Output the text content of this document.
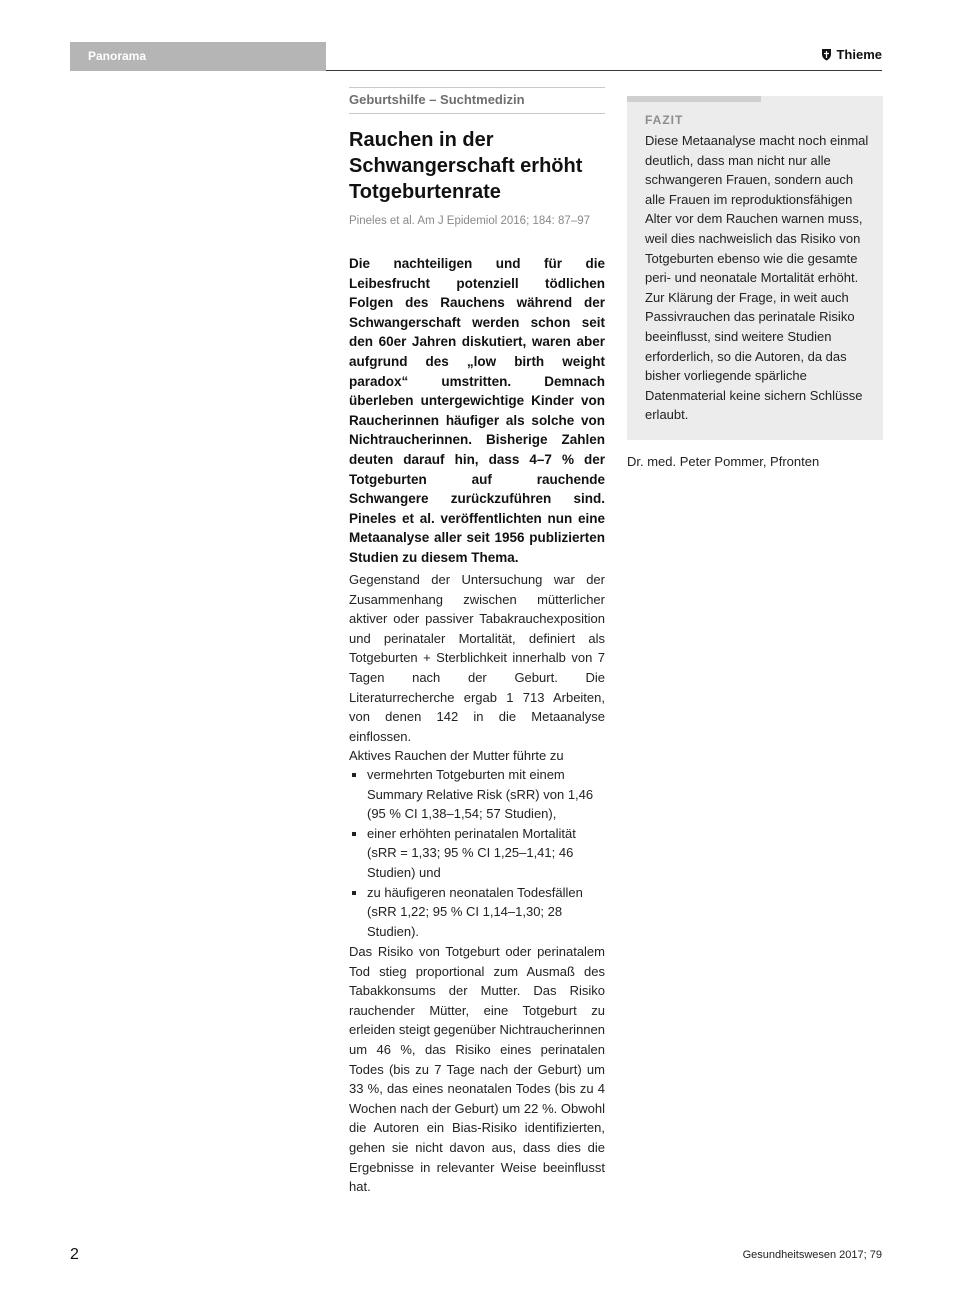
Panorama	Thieme
Geburtshilfe – Suchtmedizin
Rauchen in der Schwangerschaft erhöht Totgeburtenrate
Pineles et al. Am J Epidemiol 2016; 184: 87–97

Die nachteiligen und für die Leibesfrucht potenziell tödlichen Folgen des Rauchens während der Schwangerschaft werden schon seit den 60er Jahren diskutiert, waren aber aufgrund des „low birth weight paradox“ umstritten. Demnach überleben untergewichtige Kinder von Raucherinnen häufiger als solche von Nichtraucherinnen. Bisherige Zahlen deuten darauf hin, dass 4–7 % der Totgeburten auf rauchende Schwangere zurückzuführen sind. Pineles et al. veröffentlichten nun eine Metaanalyse aller seit 1956 publizierten Studien zu diesem Thema.

Gegenstand der Untersuchung war der Zusammenhang zwischen mütterlicher aktiver oder passiver Tabakrauchexposition und perinataler Mortalität, definiert als Totgeburten + Sterblichkeit innerhalb von 7 Tagen nach der Geburt. Die Literaturrecherche ergab 1 713 Arbeiten, von denen 142 in die Metaanalyse einflossen.

Aktives Rauchen der Mutter führte zu

vermehrten Totgeburten mit einem Summary Relative Risk (sRR) von 1,46 (95 % CI 1,38–1,54; 57 Studien),
einer erhöhten perinatalen Mortalität (sRR = 1,33; 95 % CI 1,25–1,41; 46 Studien) und
zu häufigeren neonatalen Todesfällen (sRR 1,22; 95 % CI 1,14–1,30; 28 Studien).

Das Risiko von Totgeburt oder perinatalem Tod stieg proportional zum Ausmaß des Tabakkonsums der Mutter. Das Risiko rauchender Mütter, eine Totgeburt zu erleiden steigt gegenüber Nichtraucherinnen um 46 %, das Risiko eines perinatalen Todes (bis zu 7 Tage nach der Geburt) um 33 %, das eines neonatalen Todes (bis zu 4 Wochen nach der Geburt) um 22 %. Obwohl die Autoren ein Bias-Risiko identifizierten, gehen sie nicht davon aus, dass dies die Ergebnisse in relevanter Weise beeinflusst hat.

FAZIT

Diese Metaanalyse macht noch einmal deutlich, dass man nicht nur alle schwangeren Frauen, sondern auch alle Frauen im reproduktionsfähigen Alter vor dem Rauchen warnen muss, weil dies nachweislich das Risiko von Totgeburten ebenso wie die gesamte peri- und neonatale Mortalität erhöht. Zur Klärung der Frage, in weit auch Passivrauchen das perinatale Risiko beeinflusst, sind weitere Studien erforderlich, so die Autoren, da das bisher vorliegende spärliche Datenmaterial keine sichern Schlüsse erlaubt.

Dr. med. Peter Pommer, Pfronten
2	Gesundheitswesen 2017; 79
